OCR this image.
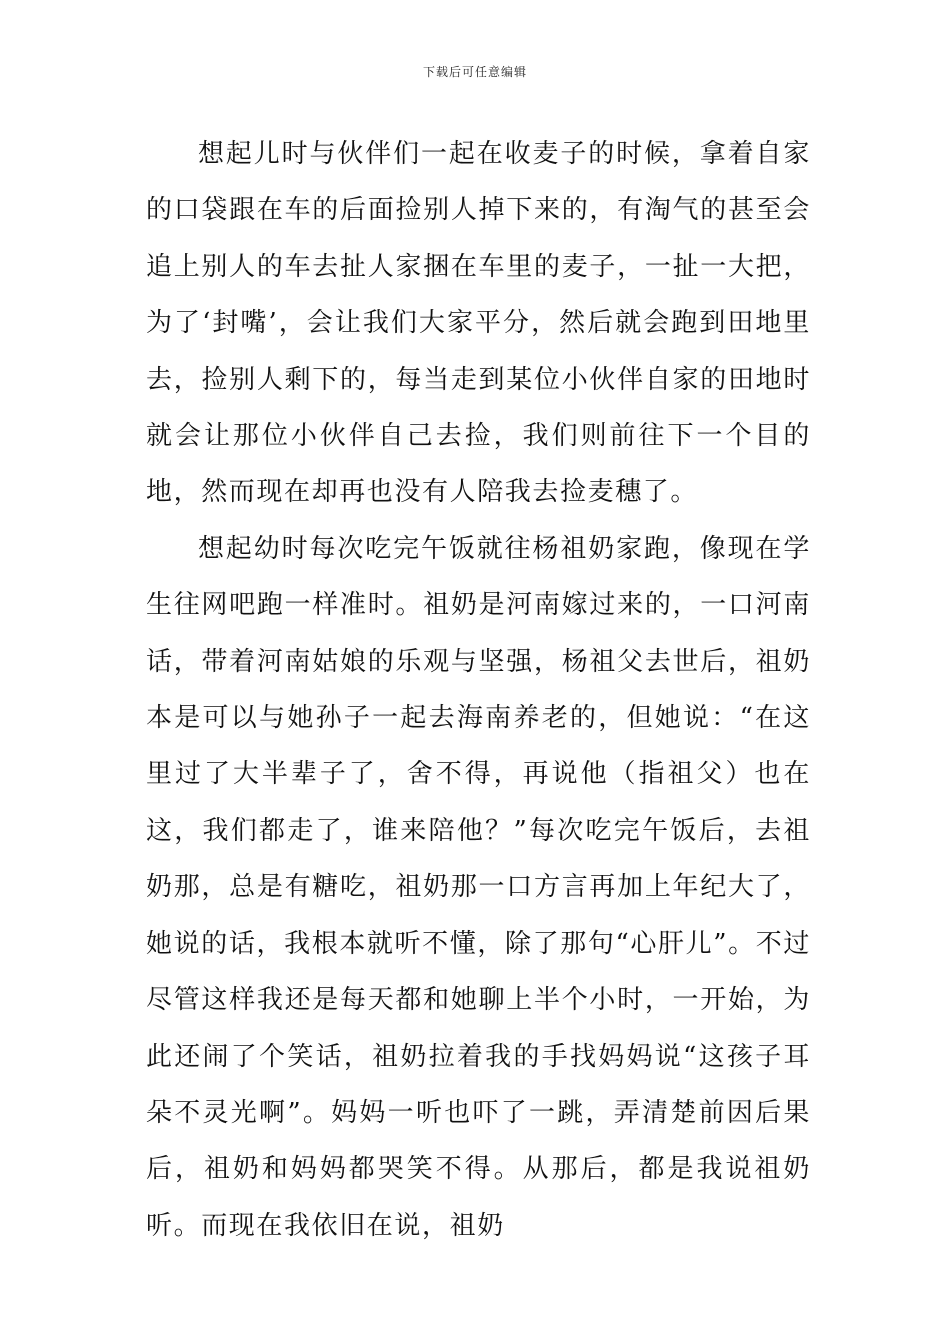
下载后可任意编辑

想起儿时与伙伴们一起在收麦子的时候，拿着自家的口袋跟在车的后面捡别人掉下来的，有淘气的甚至会追上别人的车去扯人家捆在车里的麦子，一扯一大把，为了‘封嘴’，会让我们大家平分，然后就会跑到田地里去，捡别人剩下的，每当走到某位小伙伴自家的田地时就会让那位小伙伴自己去捡，我们则前往下一个目的地，然而现在却再也没有人陪我去捡麦穗了。

想起幼时每次吃完午饭就往杨祖奶家跑，像现在学生往网吧跑一样准时。祖奶是河南嫁过来的，一口河南话，带着河南姑娘的乐观与坚强，杨祖父去世后，祖奶本是可以与她孙子一起去海南养老的，但她说：“在这里过了大半辈子了，舍不得，再说他（指祖父）也在这，我们都走了，谁来陪他？”每次吃完午饭后，去祖奶那，总是有糖吃，祖奶那一口方言再加上年纪大了，她说的话，我根本就听不懂，除了那句“心肝儿”。不过尽管这样我还是每天都和她聊上半个小时，一开始，为此还闹了个笑话，祖奶拉着我的手找妈妈说“这孩子耳朵不灵光啊”。妈妈一听也吓了一跳，弄清楚前因后果后，祖奶和妈妈都哭笑不得。从那后，都是我说祖奶听。而现在我依旧在说，祖奶
